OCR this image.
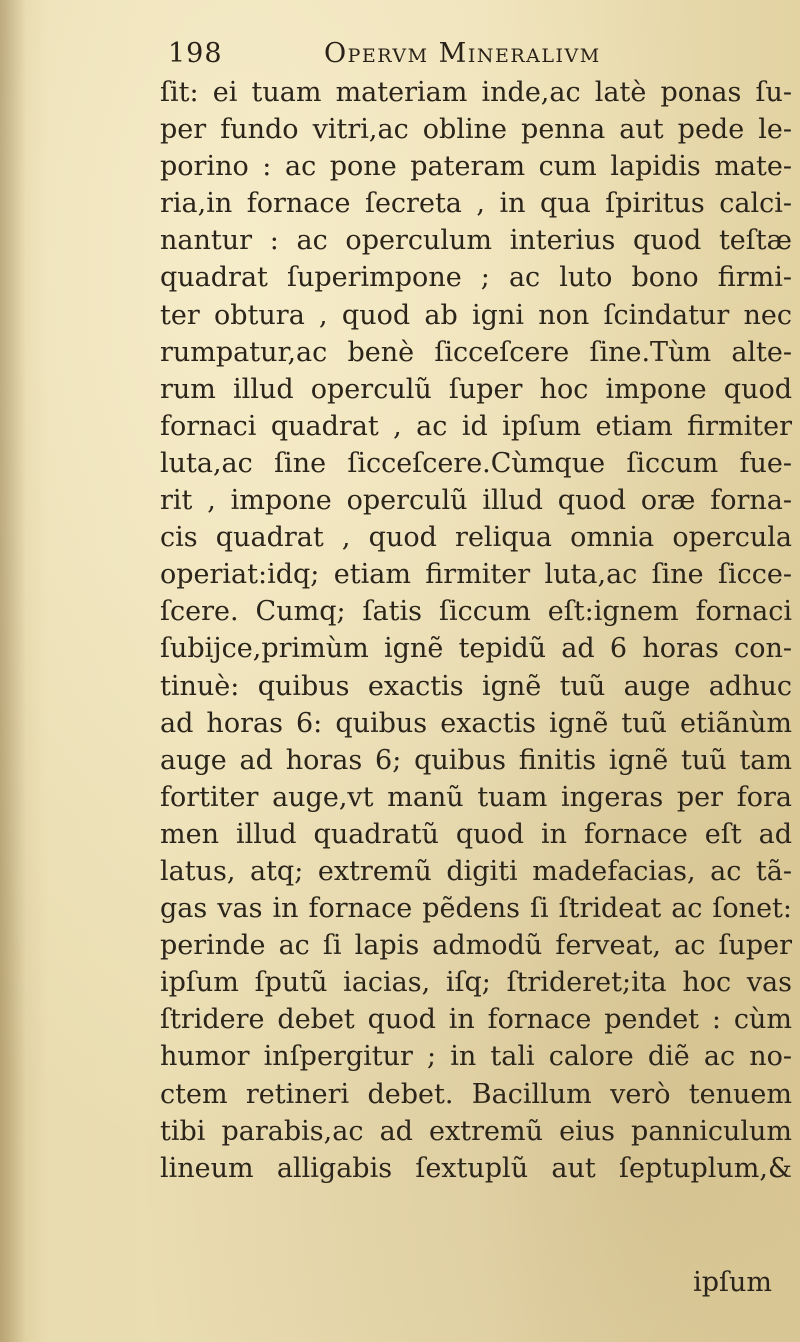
198	Opervm Mineralivm
ſit: ei tuam materiam inde,ac latè ponas ſu-
per fundo vitri,ac obline penna aut pede le-
porino : ac pone pateram cum lapidis mate-
ria,in fornace ſecreta , in qua ſpiritus calci-
nantur : ac operculum interius quod teſtæ
quadrat ſuperimpone ; ac luto bono firmi-
ter obtura , quod ab igni non ſcindatur nec
rumpatur,ac benè ſicceſcere ſine.Tùm alte-
rum illud operculũ ſuper hoc impone quod
fornaci quadrat , ac id ipſum etiam firmiter
luta,ac ſine ſicceſcere.Cùmque ſiccum fue-
rit , impone operculũ illud quod oræ forna-
cis quadrat , quod reliqua omnia opercula
operiat:idq; etiam firmiter luta,ac ſine ſicce-
ſcere. Cumq; ſatis ſiccum eſt:ignem fornaci
ſubijce,primùm ignẽ tepidũ ad 6 horas con-
tinuè: quibus exactis ignẽ tuũ auge adhuc
ad horas 6: quibus exactis ignẽ tuũ etiãnùm
auge ad horas 6; quibus finitis ignẽ tuũ tam
fortiter auge,vt manũ tuam ingeras per fora
men illud quadratũ quod in fornace eſt ad
latus, atq; extremũ digiti madefacias, ac tã-
gas vas in fornace pẽdens ſi ſtrideat ac ſonet:
perinde ac ſi lapis admodũ ferveat, ac ſuper
ipſum ſputũ iacias, iſq; ſtrideret;ita hoc vas
ſtridere debet quod in fornace pendet : cùm
humor inſpergitur ; in tali calore diẽ ac no-
ctem retineri debet. Bacillum verò tenuem
tibi parabis,ac ad extremũ eius panniculum
lineum alligabis ſextuplũ aut ſeptuplum,&
ipſum
